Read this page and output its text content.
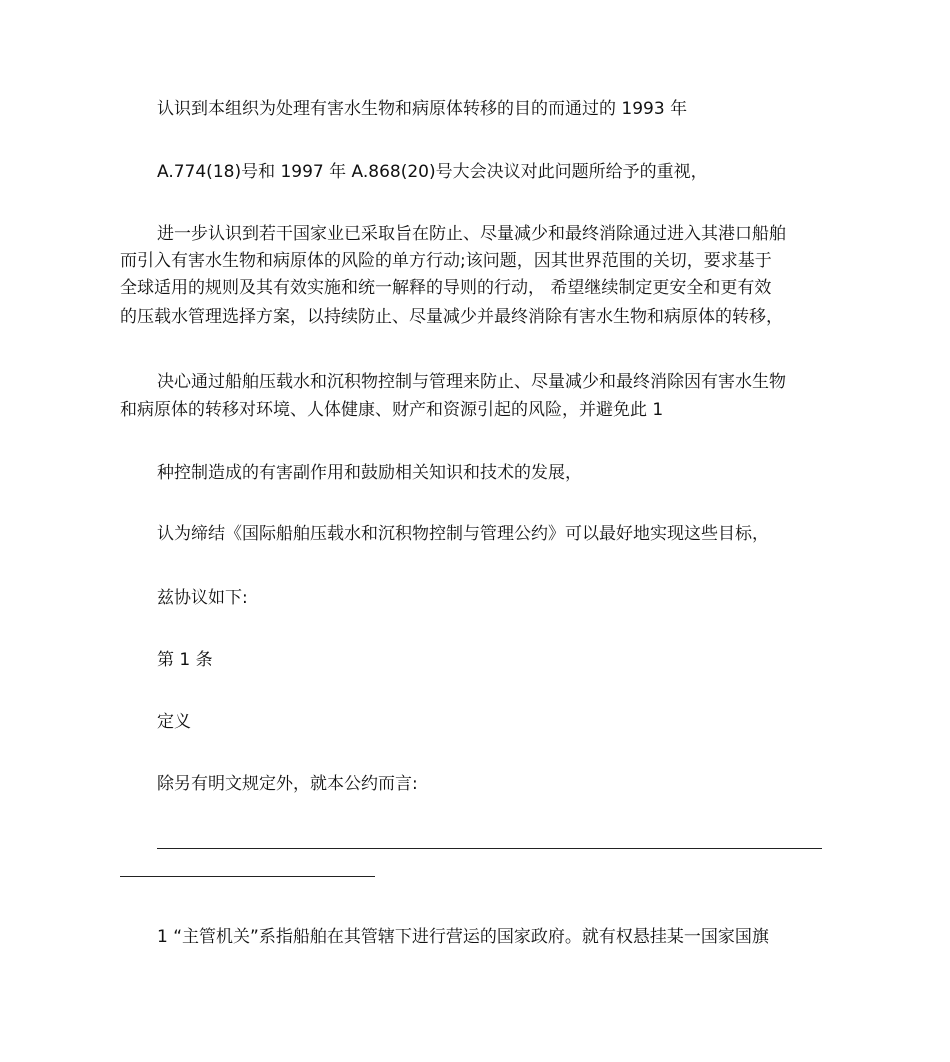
认识到本组织为处理有害水生物和病原体转移的目的而通过的 1993 年
A.774(18)号和 1997 年 A.868(20)号大会决议对此问题所给予的重视，
进一步认识到若干国家业已采取旨在防止、尽量减少和最终消除通过进入其港口船舶
而引入有害水生物和病原体的风险的单方行动;该问题，因其世界范围的关切，要求基于
全球适用的规则及其有效实施和统一解释的导则的行动， 希望继续制定更安全和更有效
的压载水管理选择方案，以持续防止、尽量减少并最终消除有害水生物和病原体的转移，
决心通过船舶压载水和沉积物控制与管理来防止、尽量减少和最终消除因有害水生物
和病原体的转移对环境、人体健康、财产和资源引起的风险，并避免此 1
种控制造成的有害副作用和鼓励相关知识和技术的发展，
认为缔结《国际船舶压载水和沉积物控制与管理公约》可以最好地实现这些目标，
兹协议如下:
第 1 条
定义
除另有明文规定外，就本公约而言:
1 “主管机关”系指船舶在其管辖下进行营运的国家政府。就有权悬挂某一国家国旗
